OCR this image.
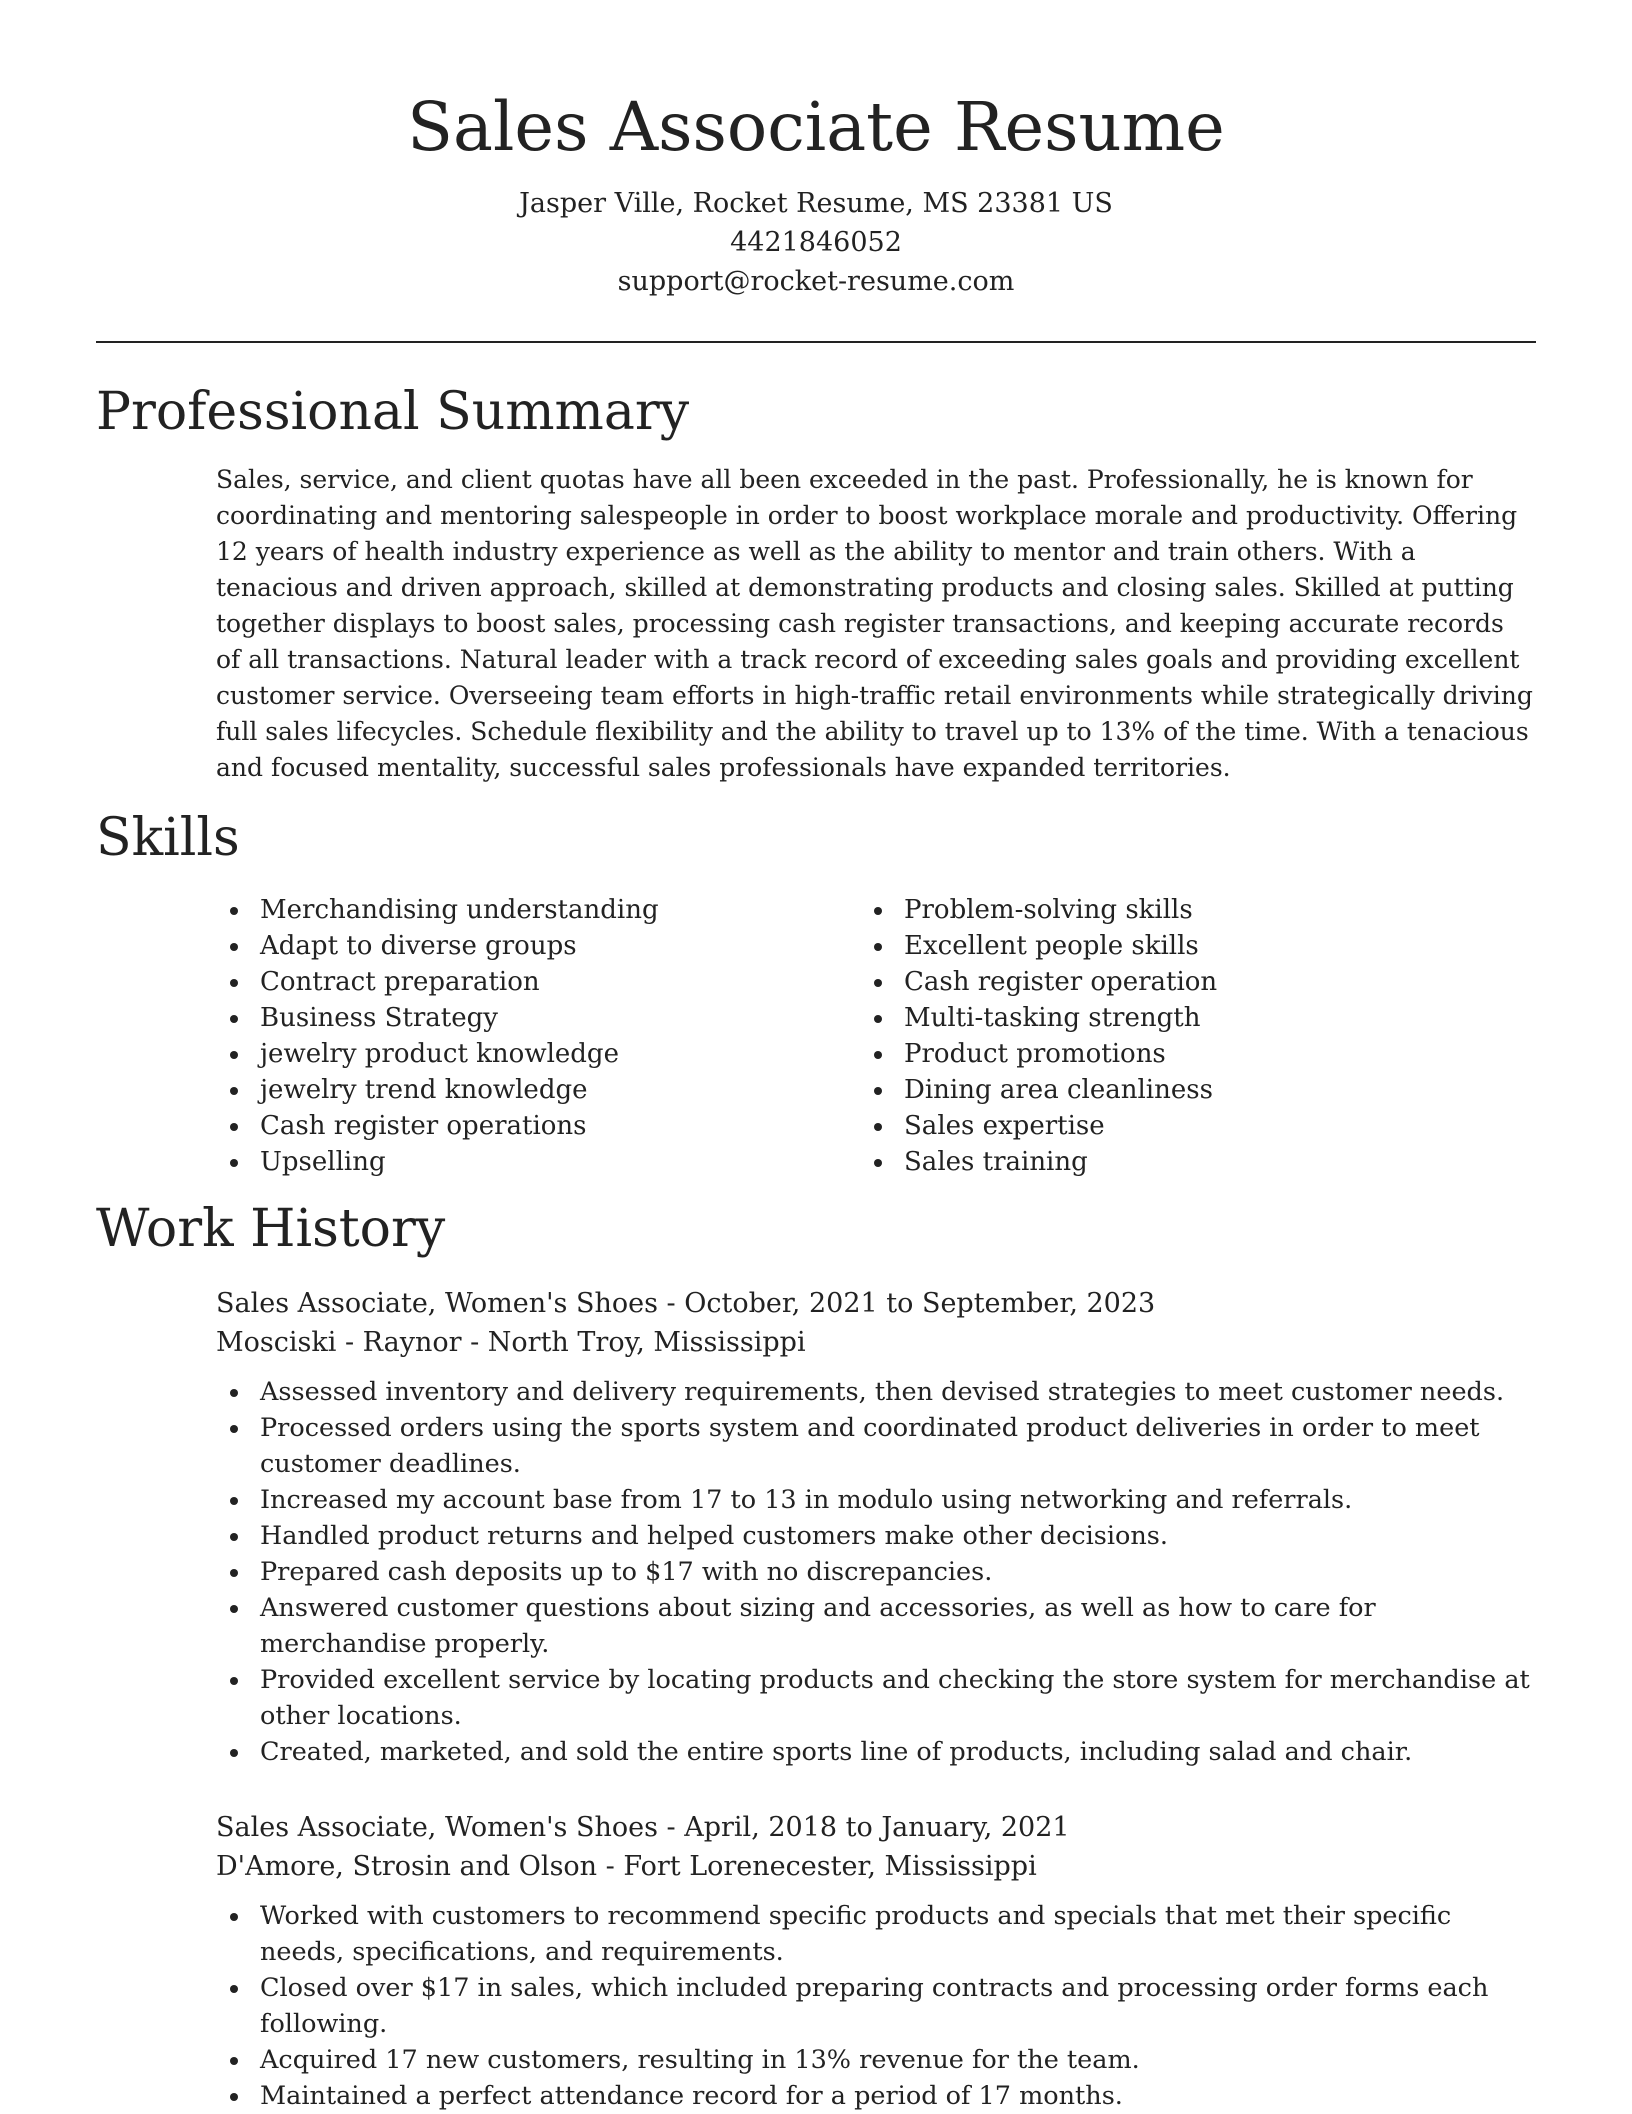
Sales Associate Resume
Jasper Ville, Rocket Resume, MS 23381 US
4421846052
support@rocket-resume.com
Professional Summary

Sales, service, and client quotas have all been exceeded in the past. Professionally, he is known for coordinating and mentoring salespeople in order to boost workplace morale and productivity. Offering 12 years of health industry experience as well as the ability to mentor and train others. With a tenacious and driven approach, skilled at demonstrating products and closing sales. Skilled at putting together displays to boost sales, processing cash register transactions, and keeping accurate records of all transactions. Natural leader with a track record of exceeding sales goals and providing excellent customer service. Overseeing team efforts in high-traffic retail environments while strategically driving full sales lifecycles. Schedule flexibility and the ability to travel up to 13% of the time. With a tenacious and focused mentality, successful sales professionals have expanded territories.

Skills
Merchandising understanding
Adapt to diverse groups
Contract preparation
Business Strategy
jewelry product knowledge
jewelry trend knowledge
Cash register operations
Upselling
Problem-solving skills
Excellent people skills
Cash register operation
Multi-tasking strength
Product promotions
Dining area cleanliness
Sales expertise
Sales training
Work History
Sales Associate, Women's Shoes - October, 2021 to September, 2023
Mosciski - Raynor - North Troy, Mississippi
Assessed inventory and delivery requirements, then devised strategies to meet customer needs.
Processed orders using the sports system and coordinated product deliveries in order to meet customer deadlines.
Increased my account base from 17 to 13 in modulo using networking and referrals.
Handled product returns and helped customers make other decisions.
Prepared cash deposits up to $17 with no discrepancies.
Answered customer questions about sizing and accessories, as well as how to care for merchandise properly.
Provided excellent service by locating products and checking the store system for merchandise at other locations.
Created, marketed, and sold the entire sports line of products, including salad and chair.
Sales Associate, Women's Shoes - April, 2018 to January, 2021
D'Amore, Strosin and Olson - Fort Lorenecester, Mississippi
Worked with customers to recommend specific products and specials that met their specific needs, specifications, and requirements.
Closed over $17 in sales, which included preparing contracts and processing order forms each following.
Acquired 17 new customers, resulting in 13% revenue for the team.
Maintained a perfect attendance record for a period of 17 months.
